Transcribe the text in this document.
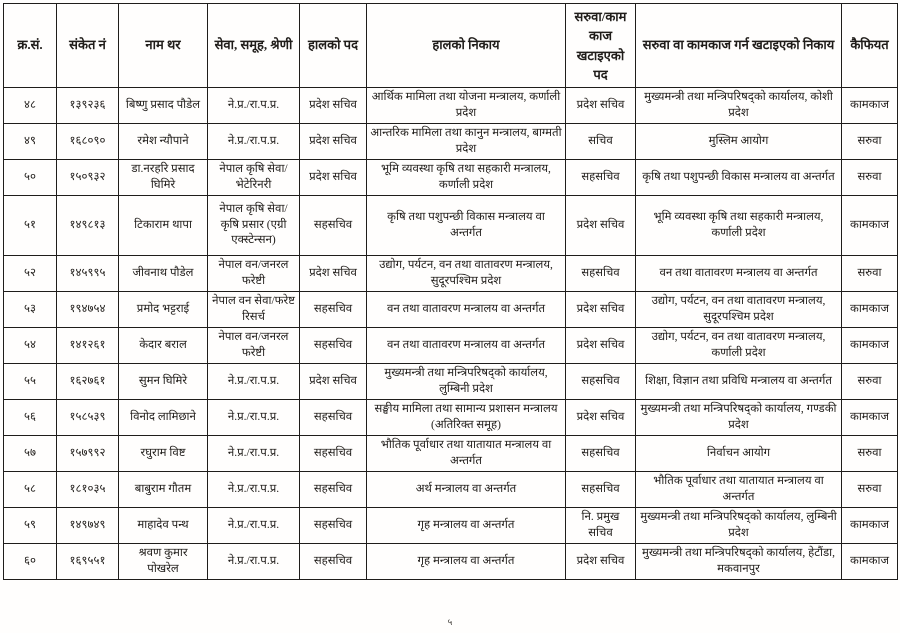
क्र.सं.	संकेत नं	नाम थर	सेवा, समूह, श्रेणी	हालको पद	हालको निकाय	सरुवा/काम काज खटाइएको पद	सरुवा वा कामकाज गर्न खटाइएको निकाय	कैफियत
४८	१३९२३६	बिष्णु प्रसाद पौडेल	ने.प्र./रा.प.प्र.	प्रदेश सचिव	आर्थिक मामिला तथा योजना मन्त्रालय, कर्णाली प्रदेश	प्रदेश सचिव	मुख्यमन्त्री तथा मन्त्रिपरिषद्को कार्यालय, कोशी प्रदेश	कामकाज
४९	१६८०९०	रमेश न्यौपाने	ने.प्र./रा.प.प्र.	प्रदेश सचिव	आन्तरिक मामिला तथा कानुन मन्त्रालय, बाग्मती प्रदेश	सचिव	मुस्लिम आयोग	सरुवा
५०	१५०९३२	डा.नरहरि प्रसाद घिमिरे	नेपाल कृषि सेवा/भेटेरिनरी	प्रदेश सचिव	भूमि व्यवस्था कृषि तथा सहकारी मन्त्रालय, कर्णाली प्रदेश	सहसचिव	कृषि तथा पशुपन्छी विकास मन्त्रालय वा अन्तर्गत	सरुवा
५१	१४९८१३	टिकाराम थापा	नेपाल कृषि सेवा/कृषि प्रसार (एग्री एक्स्टेन्सन)	सहसचिव	कृषि तथा पशुपन्छी विकास मन्त्रालय वा अन्तर्गत	प्रदेश सचिव	भूमि व्यवस्था कृषि तथा सहकारी मन्त्रालय, कर्णाली प्रदेश	कामकाज
५२	१४५९९५	जीवनाथ पौडेल	नेपाल वन/जनरल फरेष्टी	प्रदेश सचिव	उद्योग, पर्यटन, वन तथा वातावरण मन्त्रालय, सुदूरपश्चिम प्रदेश	सहसचिव	वन तथा वातावरण मन्त्रालय वा अन्तर्गत	सरुवा
५३	१९४७५४	प्रमोद भट्टराई	नेपाल वन सेवा/फरेष्ट रिसर्च	सहसचिव	वन तथा वातावरण मन्त्रालय वा अन्तर्गत	प्रदेश सचिव	उद्योग, पर्यटन, वन तथा वातावरण मन्त्रालय, सुदूरपश्चिम प्रदेश	कामकाज
५४	१४१२६१	केदार बराल	नेपाल वन/जनरल फरेष्टी	सहसचिव	वन तथा वातावरण मन्त्रालय वा अन्तर्गत	प्रदेश सचिव	उद्योग, पर्यटन, वन तथा वातावरण मन्त्रालय, कर्णाली प्रदेश	कामकाज
५५	१६२७६१	सुमन घिमिरे	ने.प्र./रा.प.प्र.	प्रदेश सचिव	मुख्यमन्त्री तथा मन्त्रिपरिषद्को कार्यालय, लुम्बिनी प्रदेश	सहसचिव	शिक्षा, विज्ञान तथा प्रविधि मन्त्रालय वा अन्तर्गत	सरुवा
५६	१५८५३९	विनोद लामिछाने	ने.प्र./रा.प.प्र.	सहसचिव	सङ्घीय मामिला तथा सामान्य प्रशासन मन्त्रालय (अतिरिक्त समूह)	प्रदेश सचिव	मुख्यमन्त्री तथा मन्त्रिपरिषद्को कार्यालय, गण्डकी प्रदेश	कामकाज
५७	१५७९९२	रघुराम विष्ट	ने.प्र./रा.प.प्र.	सहसचिव	भौतिक पूर्वाधार तथा यातायात मन्त्रालय वा अन्तर्गत	सहसचिव	निर्वाचन आयोग	सरुवा
५८	१८१०३५	बाबुराम गौतम	ने.प्र./रा.प.प्र.	सहसचिव	अर्थ मन्त्रालय वा अन्तर्गत	सहसचिव	भौतिक पूर्वाधार तथा यातायात मन्त्रालय वा अन्तर्गत	सरुवा
५९	१४९७४९	माहादेव पन्थ	ने.प्र./रा.प.प्र.	सहसचिव	गृह मन्त्रालय वा अन्तर्गत	नि. प्रमुख सचिव	मुख्यमन्त्री तथा मन्त्रिपरिषद्को कार्यालय, लुम्बिनी प्रदेश	कामकाज
६०	१६९५५१	श्रवण कुमार पोखरेल	ने.प्र./रा.प.प्र.	सहसचिव	गृह मन्त्रालय वा अन्तर्गत	प्रदेश सचिव	मुख्यमन्त्री तथा मन्त्रिपरिषद्को कार्यालय, हेटौंडा, मकवानपुर	कामकाज
५
